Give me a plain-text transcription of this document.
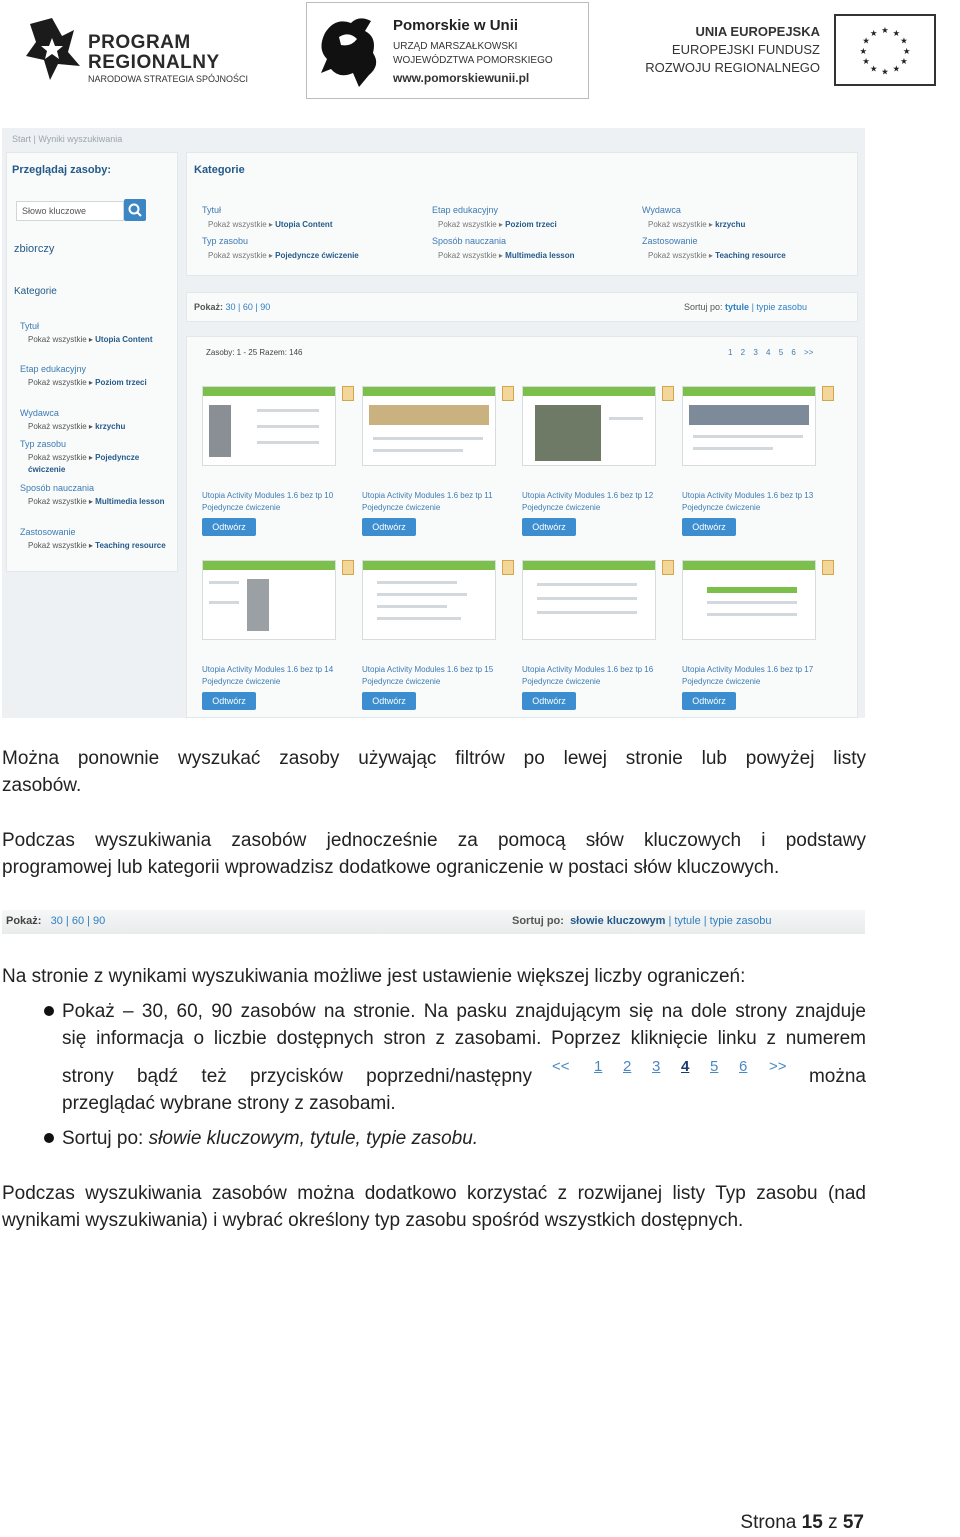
PROGRAM
REGIONALNY
NARODOWA STRATEGIA SPÓJNOŚCI
Pomorskie w Unii
URZĄD MARSZAŁKOWSKI
WOJEWÓDZTWA POMORSKIEGO
www.pomorskiewunii.pl
UNIA EUROPEJSKA
EUROPEJSKI FUNDUSZ
ROZWOJU REGIONALNEGO
★ ★
★
★
★
★
★
★
★
★
★
★
Start | Wyniki wyszukiwania
Przeglądaj zasoby:
Słowo kluczowe
zbiorczy
Kategorie
Tytuł
Pokaż wszystkie ▸ Utopia Content
Etap edukacyjny
Pokaż wszystkie ▸ Poziom trzeci
Wydawca
Pokaż wszystkie ▸ krzychu
Typ zasobu
Pokaż wszystkie ▸ Pojedyncze ćwiczenie
Sposób nauczania
Pokaż wszystkie ▸ Multimedia lesson
Zastosowanie
Pokaż wszystkie ▸ Teaching resource
Kategorie
Tytuł
Pokaż wszystkie ▸ Utopia Content
Typ zasobu
Pokaż wszystkie ▸ Pojedyncze ćwiczenie
Etap edukacyjny
Pokaż wszystkie ▸ Poziom trzeci
Sposób nauczania
Pokaż wszystkie ▸ Multimedia lesson
Wydawca
Pokaż wszystkie ▸ krzychu
Zastosowanie
Pokaż wszystkie ▸ Teaching resource
Pokaż: 30 | 60 | 90	Sortuj po: tytule | typie zasobu
Zasoby: 1 - 25 Razem: 146	1 2 3 4 5 6 >>
Utopia Activity Modules 1.6 bez tp 10 Pojedyncze ćwiczenie
Odtwórz
Utopia Activity Modules 1.6 bez tp 11 Pojedyncze ćwiczenie
Odtwórz
Utopia Activity Modules 1.6 bez tp 12 Pojedyncze ćwiczenie
Odtwórz
Utopia Activity Modules 1.6 bez tp 13 Pojedyncze ćwiczenie
Odtwórz
Utopia Activity Modules 1.6 bez tp 14 Pojedyncze ćwiczenie
Odtwórz
Utopia Activity Modules 1.6 bez tp 15 Pojedyncze ćwiczenie
Odtwórz
Utopia Activity Modules 1.6 bez tp 16 Pojedyncze ćwiczenie
Odtwórz
Utopia Activity Modules 1.6 bez tp 17 Pojedyncze ćwiczenie
Odtwórz
Można ponownie wyszukać zasoby używając filtrów po lewej stronie lub powyżej listy
zasobów.
Podczas wyszukiwania zasobów jednocześnie za pomocą słów kluczowych i podstawy
programowej lub kategorii wprowadzisz dodatkowe ograniczenie w postaci słów kluczowych.
Pokaż: 30 | 60 | 90	Sortuj po: słowie kluczowym | tytule | typie zasobu
Na stronie z wynikami wyszukiwania możliwe jest ustawienie większej liczby ograniczeń:
Pokaż – 30, 60, 90 zasobów na stronie. Na pasku znajdującym się na dole strony znajduje
się informacja o liczbie dostępnych stron z zasobami. Poprzez kliknięcie linku z numerem
strony bądź też przycisków poprzedni/następny	można
<< 1 2 3 4 5 6 >>
przeglądać wybrane strony z zasobami.
Sortuj po: słowie kluczowym, tytule, typie zasobu.
Podczas wyszukiwania zasobów można dodatkowo korzystać z rozwijanej listy Typ zasobu (nad
wynikami wyszukiwania) i wybrać określony typ zasobu spośród wszystkich dostępnych.
Strona 15 z 57
